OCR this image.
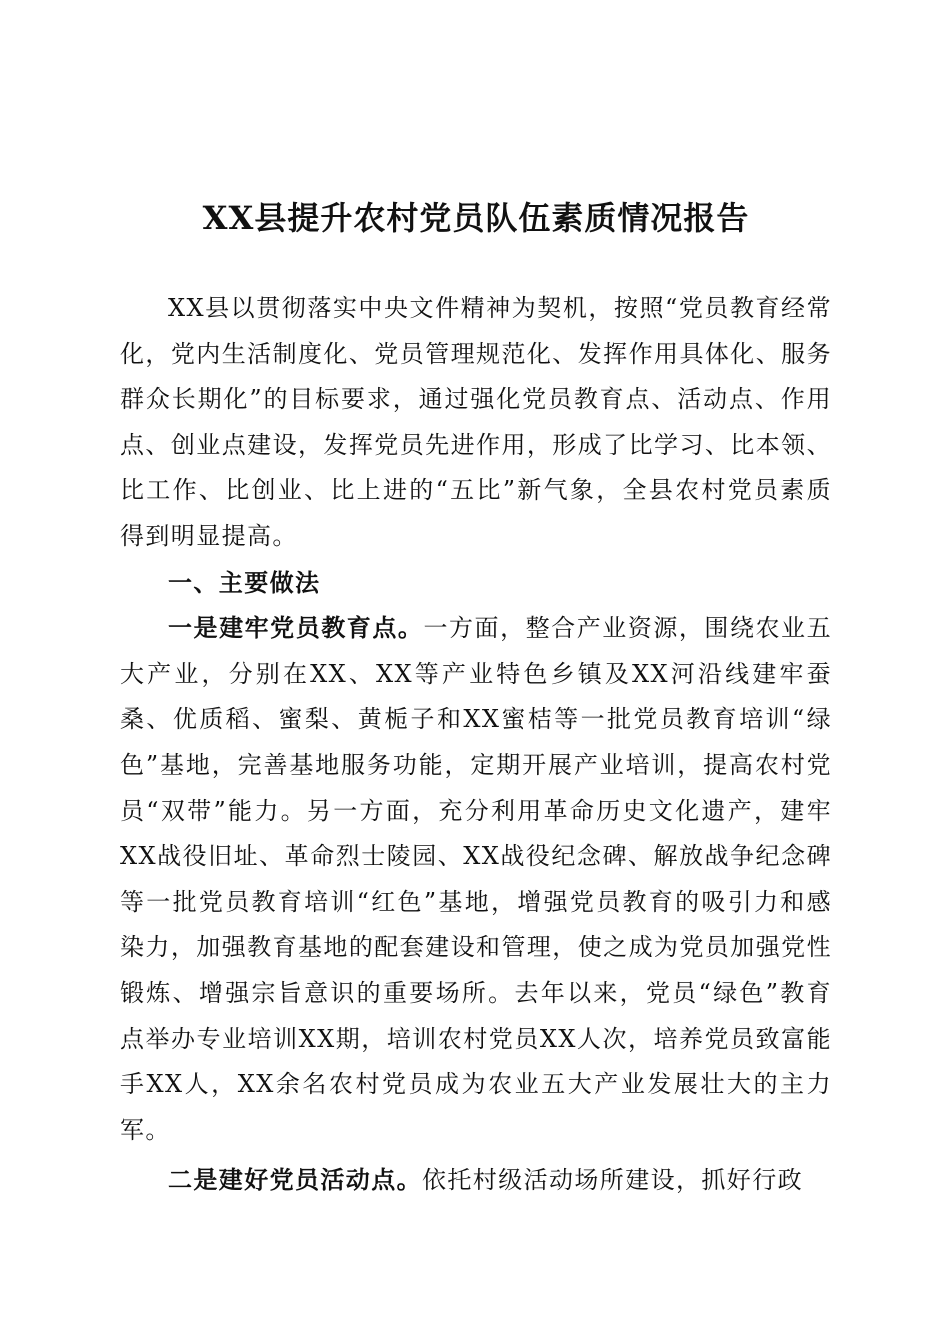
XX县提升农村党员队伍素质情况报告

XX县以贯彻落实中央文件精神为契机，按照“党员教育经常化，党内生活制度化、党员管理规范化、发挥作用具体化、服务群众长期化”的目标要求，通过强化党员教育点、活动点、作用点、创业点建设，发挥党员先进作用，形成了比学习、比本领、比工作、比创业、比上进的“五比”新气象，全县农村党员素质得到明显提高。

一、主要做法

一是建牢党员教育点。一方面，整合产业资源，围绕农业五大产业，分别在XX、XX等产业特色乡镇及XX河沿线建牢蚕桑、优质稻、蜜梨、黄栀子和XX蜜桔等一批党员教育培训“绿色”基地，完善基地服务功能，定期开展产业培训，提高农村党员“双带”能力。另一方面，充分利用革命历史文化遗产，建牢XX战役旧址、革命烈士陵园、XX战役纪念碑、解放战争纪念碑等一批党员教育培训“红色”基地，增强党员教育的吸引力和感染力，加强教育基地的配套建设和管理，使之成为党员加强党性锻炼、增强宗旨意识的重要场所。去年以来，党员“绿色”教育点举办专业培训XX期，培训农村党员XX人次，培养党员致富能手XX人，XX余名农村党员成为农业五大产业发展壮大的主力军。

二是建好党员活动点。依托村级活动场所建设，抓好行政
